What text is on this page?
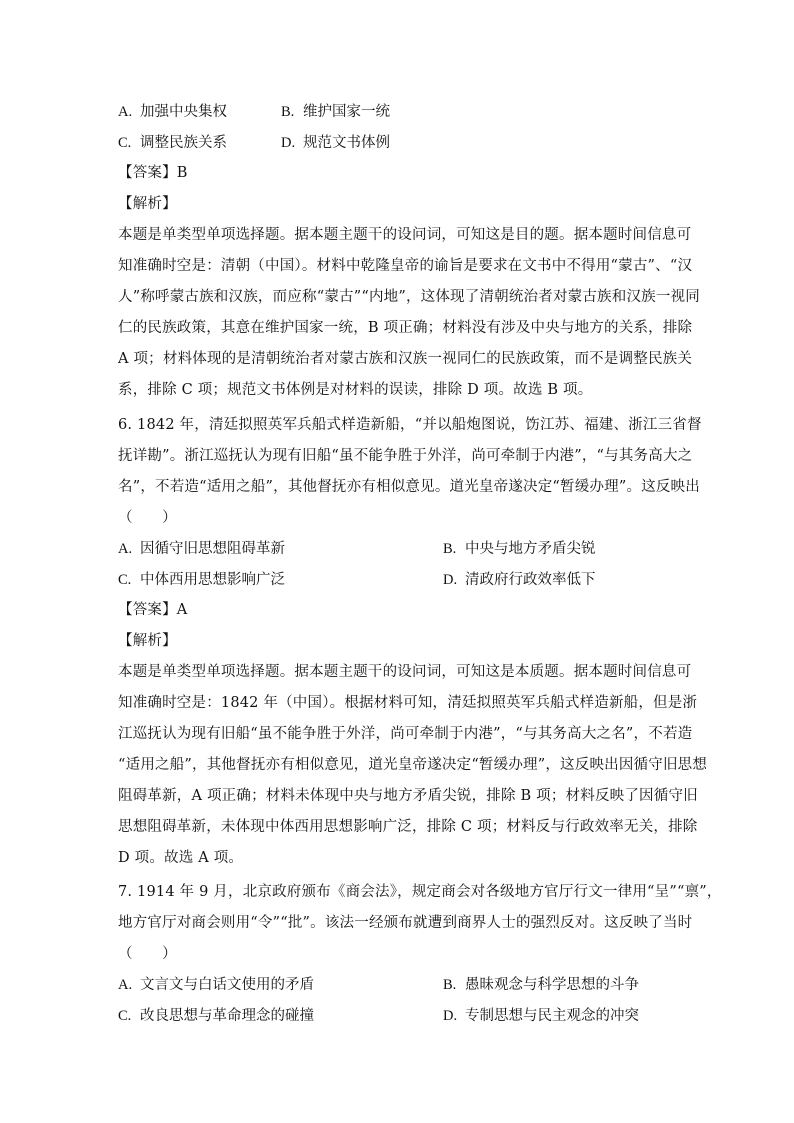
A. 加强中央集权	B. 维护国家一统
C. 调整民族关系	D. 规范文书体例
【答案】B
【解析】
本题是单类型单项选择题。据本题主题干的设问词，可知这是目的题。据本题时间信息可
知准确时空是：清朝（中国）。材料中乾隆皇帝的谕旨是要求在文书中不得用“蒙古”、“汉
人”称呼蒙古族和汉族，而应称“蒙古”“内地”，这体现了清朝统治者对蒙古族和汉族一视同
仁的民族政策，其意在维护国家一统，B 项正确；材料没有涉及中央与地方的关系，排除
A 项；材料体现的是清朝统治者对蒙古族和汉族一视同仁的民族政策，而不是调整民族关
系，排除 C 项；规范文书体例是对材料的误读，排除 D 项。故选 B 项。
6. 1842 年，清廷拟照英军兵船式样造新船，“并以船炮图说，饬江苏、福建、浙江三省督
抚详勘”。浙江巡抚认为现有旧船“虽不能争胜于外洋，尚可牵制于内港”，“与其务高大之
名”，不若造“适用之船”，其他督抚亦有相似意见。道光皇帝遂决定“暂缓办理”。这反映出
（　　）
A. 因循守旧思想阻碍革新	B. 中央与地方矛盾尖锐
C. 中体西用思想影响广泛	D. 清政府行政效率低下
【答案】A
【解析】
本题是单类型单项选择题。据本题主题干的设问词，可知这是本质题。据本题时间信息可
知准确时空是：1842 年（中国）。根据材料可知，清廷拟照英军兵船式样造新船，但是浙
江巡抚认为现有旧船“虽不能争胜于外洋，尚可牵制于内港”，“与其务高大之名”，不若造
“适用之船”，其他督抚亦有相似意见，道光皇帝遂决定“暂缓办理”，这反映出因循守旧思想
阻碍革新，A 项正确；材料未体现中央与地方矛盾尖锐，排除 B 项；材料反映了因循守旧
思想阻碍革新，未体现中体西用思想影响广泛，排除 C 项；材料反与行政效率无关，排除
D 项。故选 A 项。
7. 1914 年 9 月，北京政府颁布《商会法》，规定商会对各级地方官厅行文一律用“呈”“禀”，
地方官厅对商会则用“令”“批”。该法一经颁布就遭到商界人士的强烈反对。这反映了当时
（　　）
A. 文言文与白话文使用的矛盾	B. 愚昧观念与科学思想的斗争
C. 改良思想与革命理念的碰撞	D. 专制思想与民主观念的冲突
